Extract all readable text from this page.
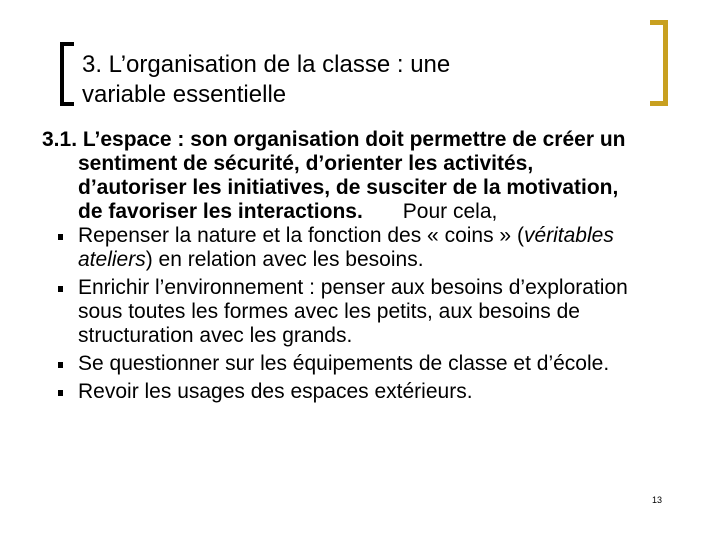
3. L’organisation de la classe : une
variable essentielle
3.1. L’espace : son organisation doit permettre de créer un
sentiment de sécurité, d’orienter les activités,
d’autoriser les initiatives, de susciter de la motivation,
de favoriser les interactions. Pour cela,
Repenser la nature et la fonction des « coins » (véritables
ateliers) en relation avec les besoins.
Enrichir l’environnement : penser aux besoins d’exploration
sous toutes les formes avec les petits, aux besoins de
structuration avec les grands.
Se questionner sur les équipements de classe et d’école.
Revoir les usages des espaces extérieurs.
13
